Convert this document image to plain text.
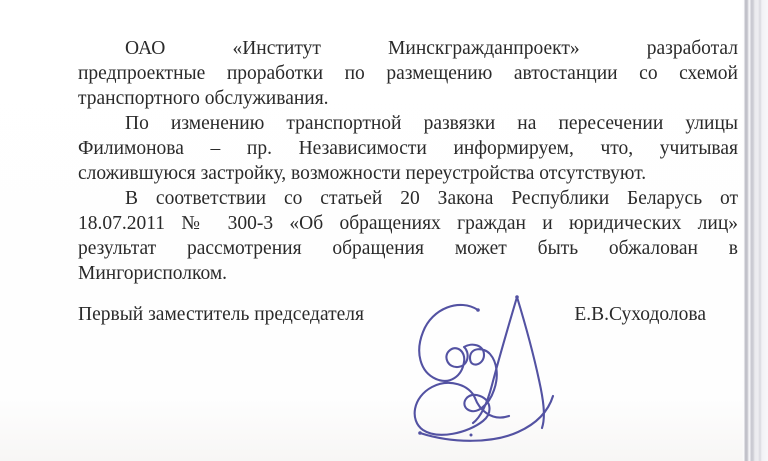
ОАО «Институт Минскгражданпроект» разработал
предпроектные проработки по размещению автостанции со схемой
транспортного обслуживания.

По изменению транспортной развязки на пересечении улицы
Филимонова – пр. Независимости информируем, что, учитывая
сложившуюся застройку, возможности переустройства отсутствуют.

В соответствии со статьей 20 Закона Республики Беларусь от
18.07.2011 № 300-3 «Об обращениях граждан и юридических лиц»
результат рассмотрения обращения может быть обжалован в
Мингорисполком.

Первый заместитель председателя	Е.В.Суходолова
